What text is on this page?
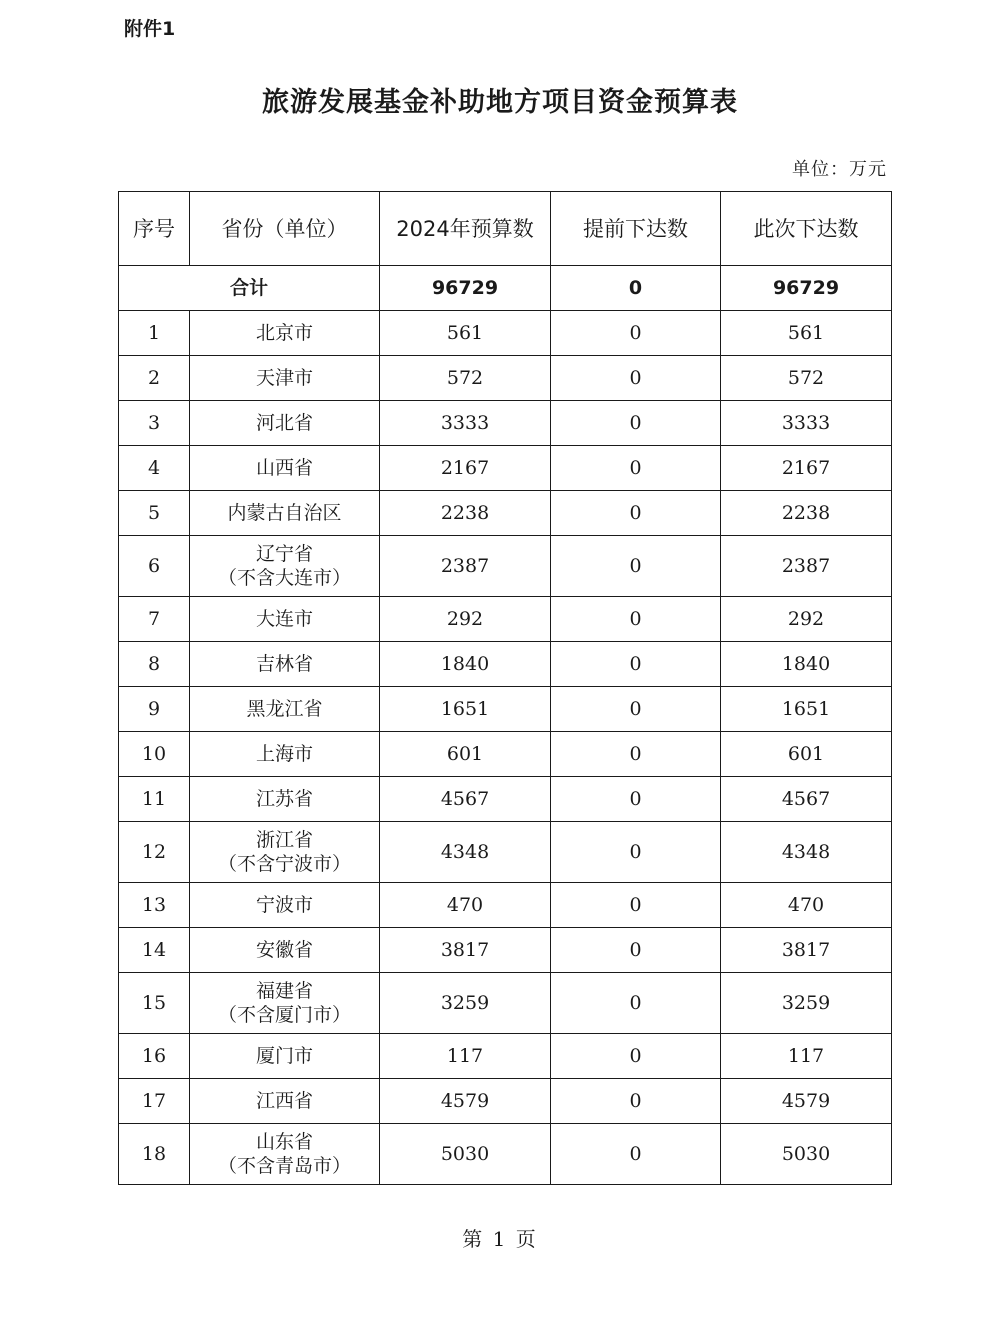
附件1
旅游发展基金补助地方项目资金预算表
单位：万元
序号	省份（单位）	2024年预算数	提前下达数	此次下达数
合计		96729	0	96729
1	北京市	561	0	561
2	天津市	572	0	572
3	河北省	3333	0	3333
4	山西省	2167	0	2167
5	内蒙古自治区	2238	0	2238
6	辽宁省
（不含大连市）	2387	0	2387
7	大连市	292	0	292
8	吉林省	1840	0	1840
9	黑龙江省	1651	0	1651
10	上海市	601	0	601
11	江苏省	4567	0	4567
12	浙江省
（不含宁波市）	4348	0	4348
13	宁波市	470	0	470
14	安徽省	3817	0	3817
15	福建省
（不含厦门市）	3259	0	3259
16	厦门市	117	0	117
17	江西省	4579	0	4579
18	山东省
（不含青岛市）	5030	0	5030
第 1 页
